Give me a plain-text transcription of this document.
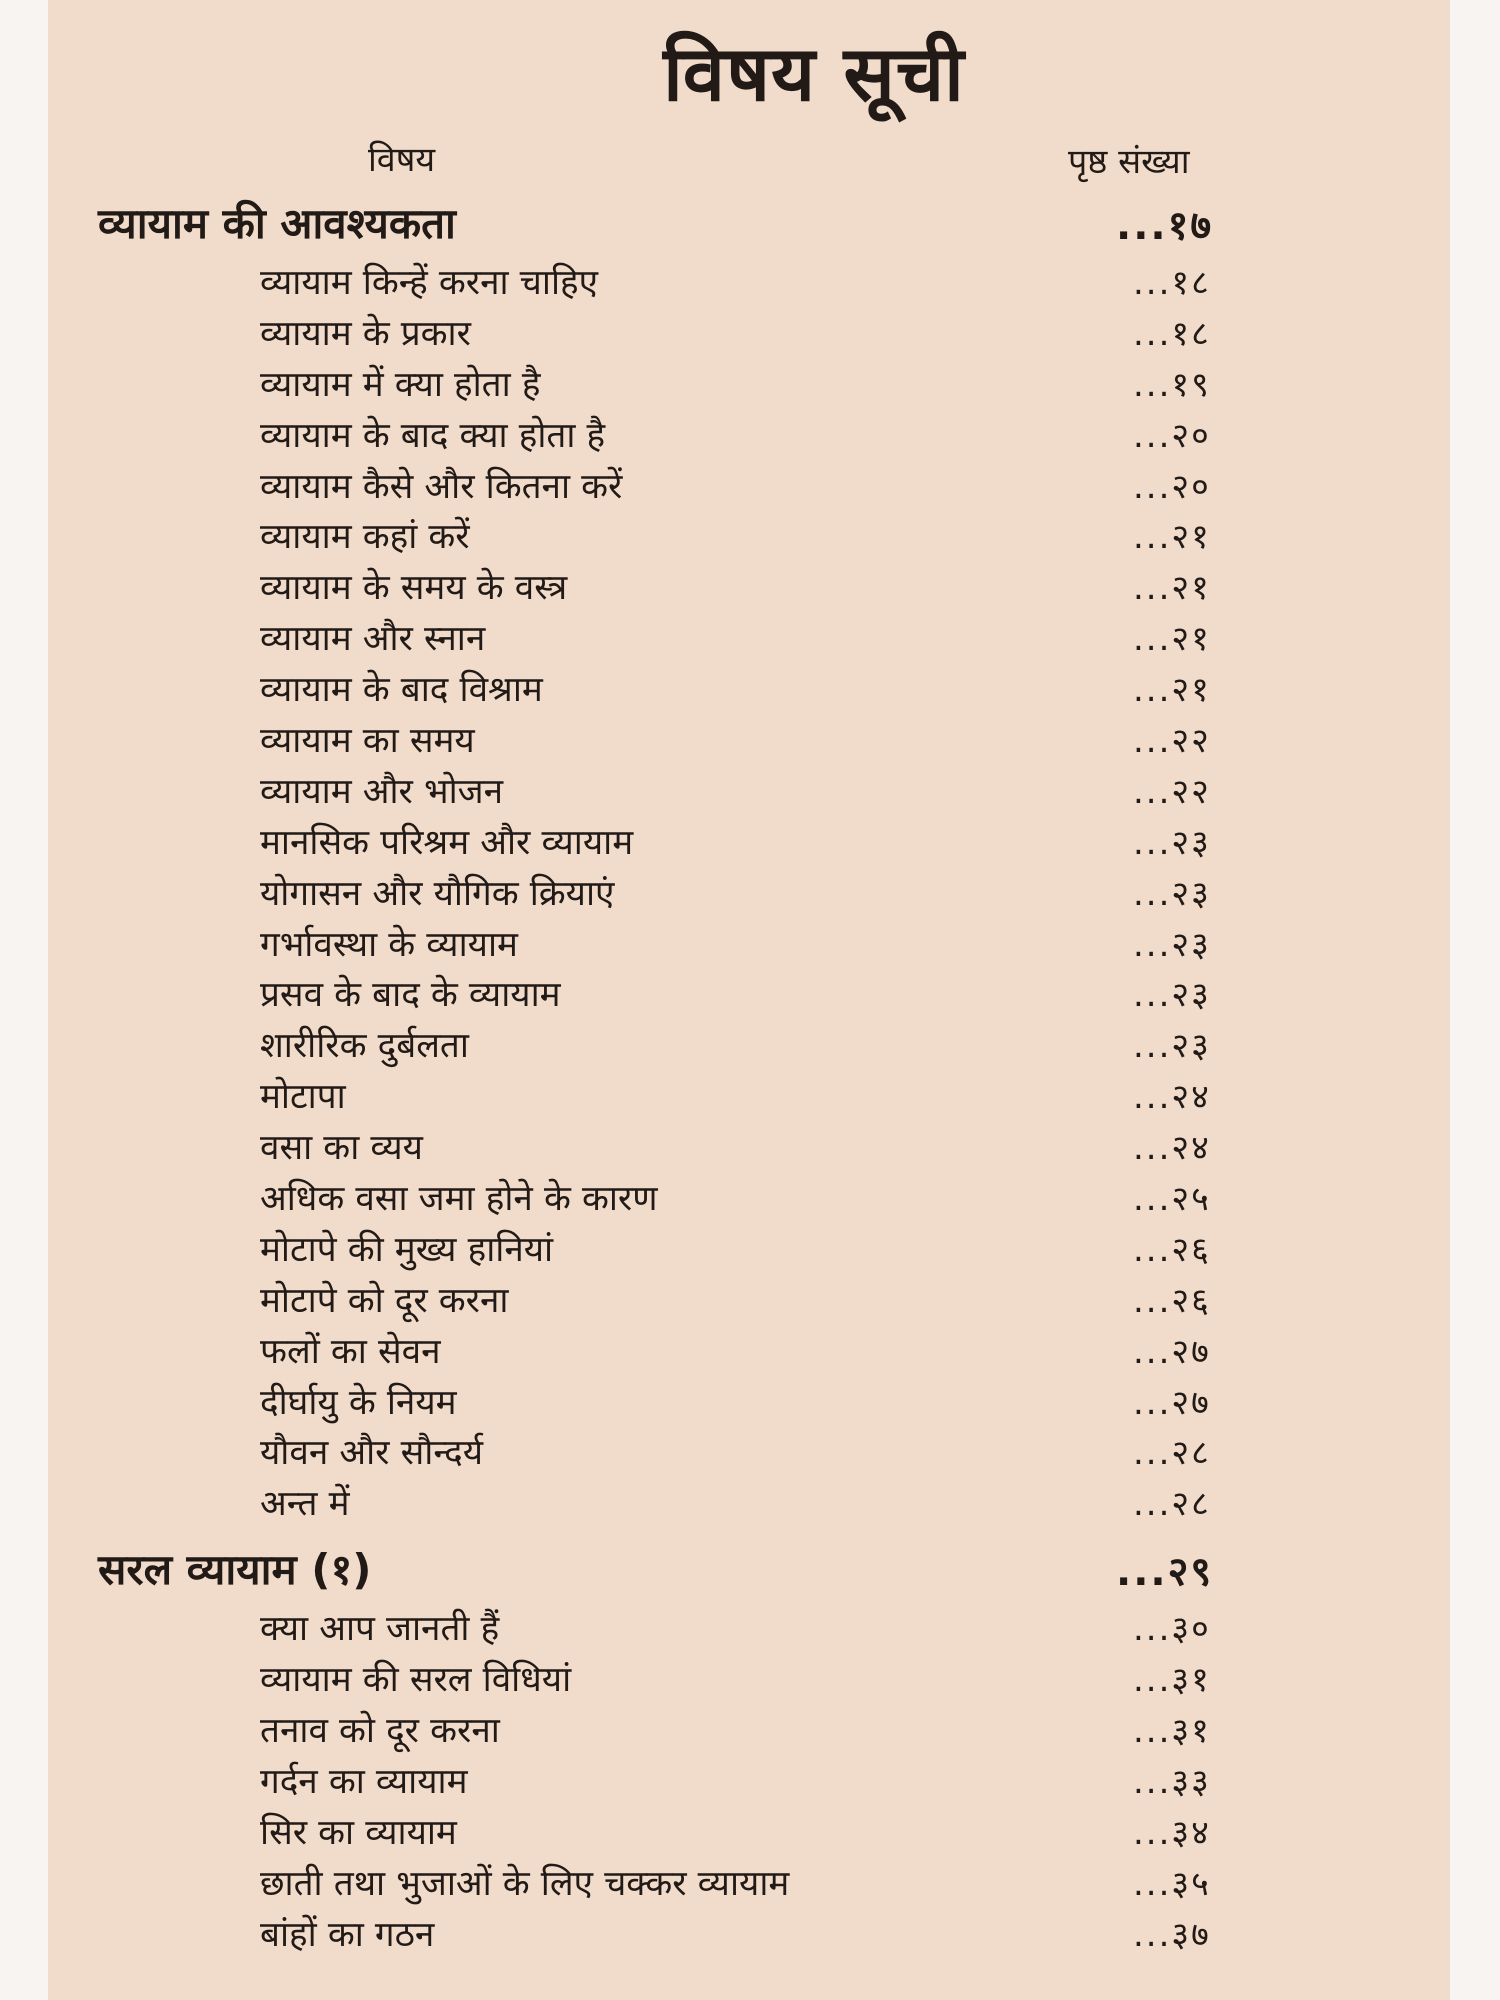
विषय सूची
विषय	पृष्ठ संख्या
व्यायाम की आवश्यकता	...१७
व्यायाम किन्हें करना चाहिए	...१८
व्यायाम के प्रकार	...१८
व्यायाम में क्या होता है	...१९
व्यायाम के बाद क्या होता है	...२०
व्यायाम कैसे और कितना करें	...२०
व्यायाम कहां करें	...२१
व्यायाम के समय के वस्त्र	...२१
व्यायाम और स्नान	...२१
व्यायाम के बाद विश्राम	...२१
व्यायाम का समय	...२२
व्यायाम और भोजन	...२२
मानसिक परिश्रम और व्यायाम	...२३
योगासन और यौगिक क्रियाएं	...२३
गर्भावस्था के व्यायाम	...२३
प्रसव के बाद के व्यायाम	...२३
शारीरिक दुर्बलता	...२३
मोटापा	...२४
वसा का व्यय	...२४
अधिक वसा जमा होने के कारण	...२५
मोटापे की मुख्य हानियां	...२६
मोटापे को दूर करना	...२६
फलों का सेवन	...२७
दीर्घायु के नियम	...२७
यौवन और सौन्दर्य	...२८
अन्त में	...२८
सरल व्यायाम (१)	...२९
क्या आप जानती हैं	...३०
व्यायाम की सरल विधियां	...३१
तनाव को दूर करना	...३१
गर्दन का व्यायाम	...३३
सिर का व्यायाम	...३४
छाती तथा भुजाओं के लिए चक्कर व्यायाम	...३५
बांहों का गठन	...३७
